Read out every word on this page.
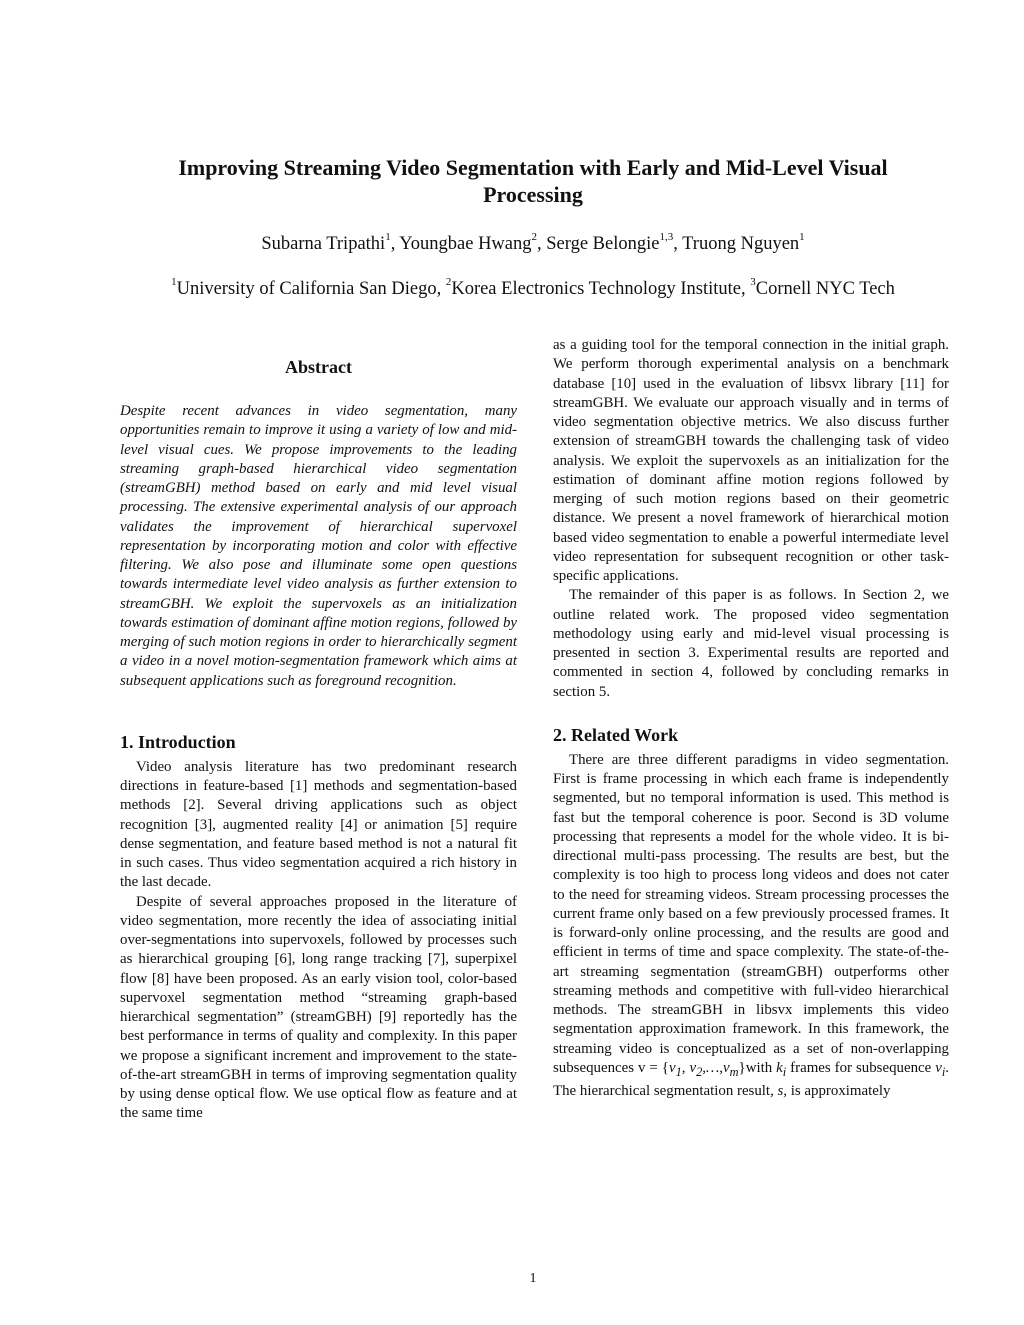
Improving Streaming Video Segmentation with Early and Mid-Level Visual
Processing
Subarna Tripathi$^1$, Youngbae Hwang$^2$, Serge Belongie$^{1,3}$, Truong Nguyen$^1$
$^1$University of California San Diego, $^2$Korea Electronics Technology Institute, $^3$Cornell NYC Tech
Abstract

Despite recent advances in video segmentation, many opportunities remain to improve it using a variety of low and mid-level visual cues. We propose improvements to the leading streaming graph-based hierarchical video segmentation (streamGBH) method based on early and mid level visual processing. The extensive experimental analysis of our approach validates the improvement of hierarchical supervoxel representation by incorporating motion and color with effective filtering. We also pose and illuminate some open questions towards intermediate level video analysis as further extension to streamGBH. We exploit the supervoxels as an initialization towards estimation of dominant affine motion regions, followed by merging of such motion regions in order to hierarchically segment a video in a novel motion-segmentation framework which aims at subsequent applications such as foreground recognition.

1. Introduction

Video analysis literature has two predominant research directions in feature-based [1] methods and segmentation-based methods [2]. Several driving applications such as object recognition [3], augmented reality [4] or animation [5] require dense segmentation, and feature based method is not a natural fit in such cases. Thus video segmentation acquired a rich history in the last decade.

Despite of several approaches proposed in the literature of video segmentation, more recently the idea of associating initial over-segmentations into supervoxels, followed by processes such as hierarchical grouping [6], long range tracking [7], superpixel flow [8] have been proposed. As an early vision tool, color-based supervoxel segmentation method “streaming graph-based hierarchical segmentation” (streamGBH) [9] reportedly has the best performance in terms of quality and complexity. In this paper we propose a significant increment and improvement to the state-of-the-art streamGBH in terms of improving segmentation quality by using dense optical flow. We use optical flow as feature and at the same time

as a guiding tool for the temporal connection in the initial graph. We perform thorough experimental analysis on a benchmark database [10] used in the evaluation of libsvx library [11] for streamGBH. We evaluate our approach visually and in terms of video segmentation objective metrics. We also discuss further extension of streamGBH towards the challenging task of video analysis. We exploit the supervoxels as an initialization for the estimation of dominant affine motion regions followed by merging of such motion regions based on their geometric distance. We present a novel framework of hierarchical motion based video segmentation to enable a powerful intermediate level video representation for subsequent recognition or other task-specific applications.

The remainder of this paper is as follows. In Section 2, we outline related work. The proposed video segmentation methodology using early and mid-level visual processing is presented in section 3. Experimental results are reported and commented in section 4, followed by concluding remarks in section 5.

2. Related Work

There are three different paradigms in video segmentation. First is frame processing in which each frame is independently segmented, but no temporal information is used. This method is fast but the temporal coherence is poor. Second is 3D volume processing that represents a model for the whole video. It is bi-directional multi-pass processing. The results are best, but the complexity is too high to process long videos and does not cater to the need for streaming videos. Stream processing processes the current frame only based on a few previously processed frames. It is forward-only online processing, and the results are good and efficient in terms of time and space complexity. The state-of-the-art streaming segmentation (streamGBH) outperforms other streaming methods and competitive with full-video hierarchical methods. The streamGBH in libsvx implements this video segmentation approximation framework. In this framework, the streaming video is conceptualized as a set of non-overlapping subsequences $v = \{v_1$, $v_2,\dots,v_m\}with$ $k_i$ frames for subsequence $v_i$. The hierarchical segmentation result, s, is approximately

1
